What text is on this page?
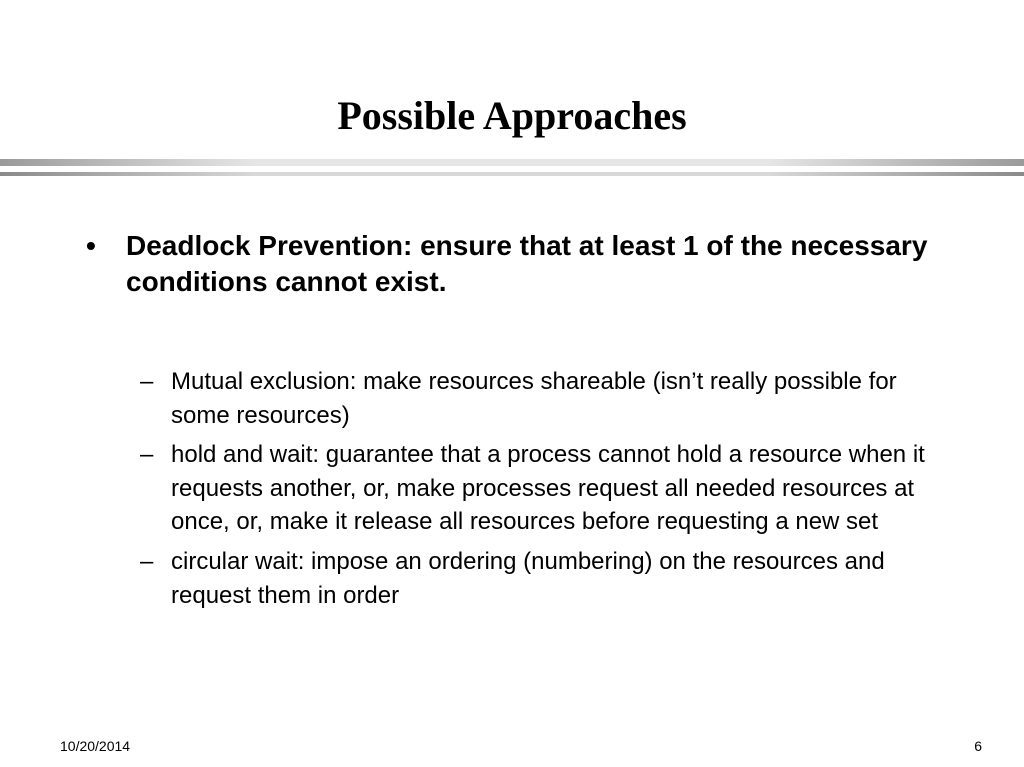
Possible Approaches
•	Deadlock Prevention: ensure that at least 1 of the necessary conditions cannot exist.
– Mutual exclusion: make resources shareable (isn’t really possible for some resources)
– hold and wait: guarantee that a process cannot hold a resource when it requests another, or, make processes request all needed resources at once, or, make it release all resources before requesting a new set
– circular wait: impose an ordering (numbering) on the resources and request them in order
10/20/2014	6
